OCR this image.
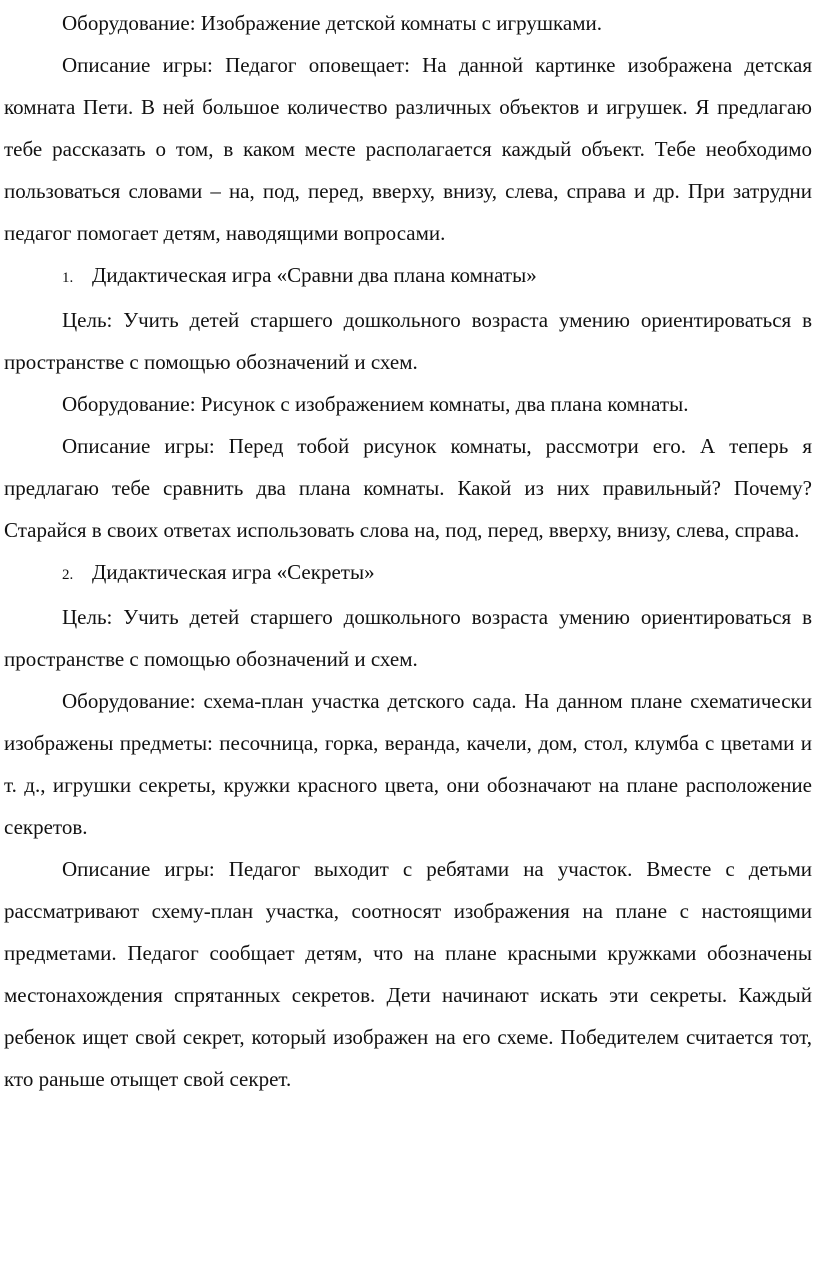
Оборудование: Изображение детской комнаты с игрушками.

Описание игры: Педагог оповещает: На данной картинке изображена детская комната Пети. В ней большое количество различных объектов и игрушек. Я предлагаю тебе рассказать о том, в каком месте располагается каждый объект. Тебе необходимо пользоваться словами – на, под, перед, вверху, внизу, слева, справа и др. При затрудни педагог помогает детям, наводящими вопросами.

1. Дидактическая игра «Сравни два плана комнаты»

Цель: Учить детей старшего дошкольного возраста умению ориентироваться в пространстве с помощью обозначений и схем.

Оборудование: Рисунок с изображением комнаты, два плана комнаты.

Описание игры: Перед тобой рисунок комнаты, рассмотри его. А теперь я предлагаю тебе сравнить два плана комнаты. Какой из них правильный? Почему? Старайся в своих ответах использовать слова на, под, перед, вверху, внизу, слева, справа.

2. Дидактическая игра «Секреты»

Цель: Учить детей старшего дошкольного возраста умению ориентироваться в пространстве с помощью обозначений и схем.

Оборудование: схема-план участка детского сада. На данном плане схематически изображены предметы: песочница, горка, веранда, качели, дом, стол, клумба с цветами и т. д., игрушки секреты, кружки красного цвета, они обозначают на плане расположение секретов.

Описание игры: Педагог выходит с ребятами на участок. Вместе с детьми рассматривают схему-план участка, соотносят изображения на плане с настоящими предметами. Педагог сообщает детям, что на плане красными кружками обозначены местонахождения спрятанных секретов. Дети начинают искать эти секреты. Каждый ребенок ищет свой секрет, который изображен на его схеме. Победителем считается тот, кто раньше отыщет свой секрет.
